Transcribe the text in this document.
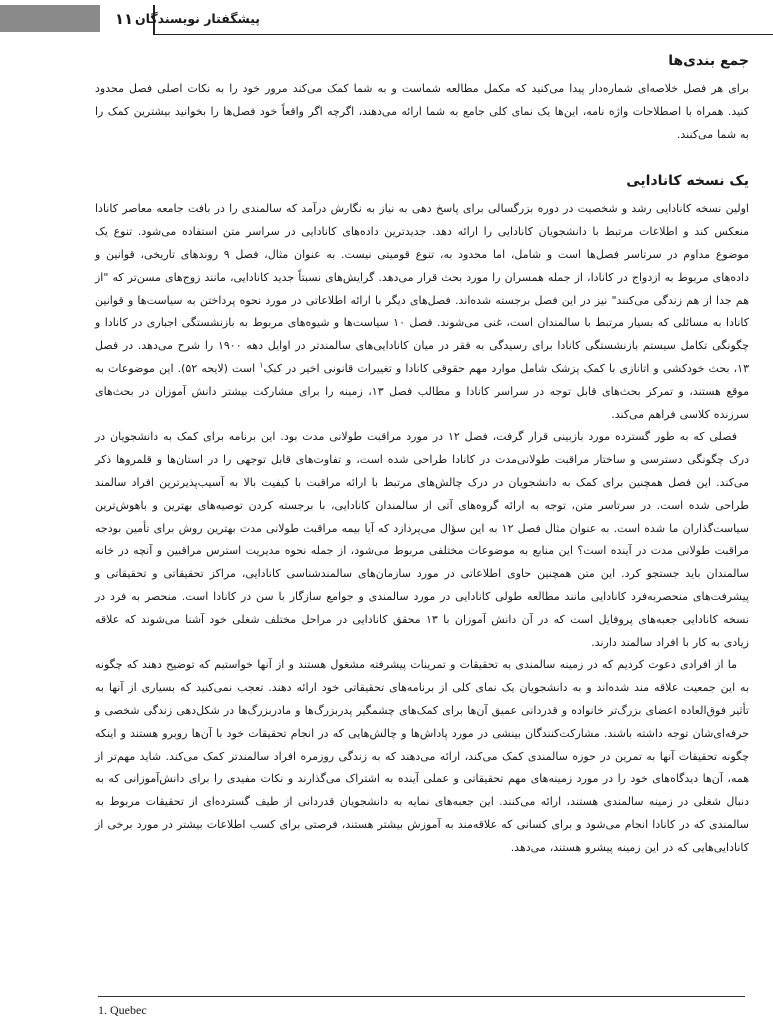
۱۱ پیشگفتار نویسندگان
جمع بندی‌ها

برای هر فصل خلاصه‌ای شماره‌دار پیدا می‌کنید که مکمل مطالعه شماست و به شما کمک می‌کند مرور خود را به نکات اصلی فصل محدود کنید. همراه با اصطلاحات واژه نامه، این‌ها یک نمای کلی جامع به شما ارائه می‌دهند، اگرچه اگر واقعاً خود فصل‌ها را بخوانید بیشترین کمک را به شما می‌کنند.

یک نسخه کانادایی

اولین نسخه کانادایی رشد و شخصیت در دوره بزرگسالی برای پاسخ دهی به نیاز به نگارش درآمد که سالمندی را در بافت جامعه معاصر کانادا منعکس کند و اطلاعات مرتبط با دانشجویان کانادایی را ارائه دهد. جدیدترین داده‌های کانادایی در سراسر متن استفاده می‌شود. تنوع یک موضوع مداوم در سرتاسر فصل‌ها است و شامل، اما محدود به، تنوع قومیتی نیست. به عنوان مثال، فصل ۹ روندهای تاریخی، قوانین و داده‌های مربوط به ازدواج در کانادا، از جمله همسران را مورد بحث قرار می‌دهد. گرایش‌های نسبتاً جدید کانادایی، مانند زوج‌های مسن‌تر که "از هم جدا از هم زندگی می‌کنند" نیز در این فصل برجسته شده‌اند. فصل‌های دیگر با ارائه اطلاعاتی در مورد نحوه پرداختن به سیاست‌ها و قوانین کانادا به مسائلی که بسیار مرتبط با سالمندان است، غنی می‌شوند. فصل ۱۰ سیاست‌ها و شیوه‌های مربوط به بازنشستگی اجباری در کانادا و چگونگی تکامل سیستم بازنشستگی کانادا برای رسیدگی به فقر در میان کانادایی‌های سالمندتر در اوایل دهه ۱۹۰۰ را شرح می‌دهد. در فصل ۱۳، بحث خودکشی و اتانازی با کمک پزشک شامل موارد مهم حقوقی کانادا و تغییرات قانونی اخیر در کبک$^۱$ است (لایحه ۵۲). این موضوعات به موقع هستند، و تمرکز بحث‌های قابل توجه در سراسر کانادا و مطالب فصل ۱۳، زمینه را برای مشارکت بیشتر دانش آموزان در بحث‌های سرزنده کلاسی فراهم می‌کند.

فصلی که به طور گسترده مورد بازبینی قرار گرفت، فصل ۱۲ در مورد مراقبت طولانی مدت بود. این برنامه برای کمک به دانشجویان در درک چگونگی دسترسی و ساختار مراقبت طولانی‌مدت در کانادا طراحی شده است، و تفاوت‌های قابل توجهی را در استان‌ها و قلمروها ذکر می‌کند. این فصل همچنین برای کمک به دانشجویان در درک چالش‌های مرتبط با ارائه مراقبت با کیفیت بالا به آسیب‌پذیرترین افراد سالمند طراحی شده است. در سرتاسر متن، توجه به ارائه گروه‌های آتی از سالمندان کانادایی، با برجسته کردن توصیه‌های بهترین و باهوش‌ترین سیاست‌گذاران ما شده است. به عنوان مثال فصل ۱۲ به این سؤال می‌پردازد که آیا بیمه مراقبت طولانی مدت بهترین روش برای تأمین بودجه مراقبت طولانی مدت در آینده است؟ این منابع به موضوعات مختلفی مربوط می‌شود، از جمله نحوه مدیریت استرس مراقبین و آنچه در خانه سالمندان باید جستجو کرد. این متن همچنین حاوی اطلاعاتی در مورد سازمان‌های سالمندشناسی کانادایی، مراکز تحقیقاتی و تحقیقاتی و پیشرفت‌های منحصربه‌فرد کانادایی مانند مطالعه طولی کانادایی در مورد سالمندی و جوامع سازگار با سن در کانادا است. منحصر به فرد در نسخه کانادایی جعبه‌های پروفایل است که در آن دانش آموزان با ۱۳ محقق کانادایی در مراحل مختلف شغلی خود آشنا می‌شوند که علاقه زیادی به کار با افراد سالمند دارند.

ما از افرادی دعوت کردیم که در زمینه سالمندی به تحقیقات و تمرینات پیشرفته مشغول هستند و از آنها خواستیم که توضیح دهند که چگونه به این جمعیت علاقه مند شده‌اند و به دانشجویان یک نمای کلی از برنامه‌های تحقیقاتی خود ارائه دهند. تعجب نمی‌کنید که بسیاری از آنها به تأثیر فوق‌العاده اعضای بزرگ‌تر خانواده و قدردانی عمیق آن‌ها برای کمک‌های چشمگیر پدربزرگ‌ها و مادربزرگ‌ها در شکل‌دهی زندگی شخصی و حرفه‌ای‌شان توجه داشته باشند. مشارکت‌کنندگان بینشی در مورد پاداش‌ها و چالش‌هایی که در انجام تحقیقات خود با آن‌ها روبرو هستند و اینکه چگونه تحقیقات آنها به تمرین در حوزه سالمندی کمک می‌کند، ارائه می‌دهند که به زندگی روزمره افراد سالمندتر کمک می‌کند. شاید مهم‌تر از همه، آن‌ها دیدگاه‌های خود را در مورد زمینه‌های مهم تحقیقاتی و عملی آینده به اشتراک می‌گذارند و نکات مفیدی را برای دانش‌آموزانی که به دنبال شغلی در زمینه سالمندی هستند، ارائه می‌کنند. این جعبه‌های نمایه به دانشجویان قدردانی از طیف گسترده‌ای از تحقیقات مربوط به سالمندی که در کانادا انجام می‌شود و برای کسانی که علاقه‌مند به آموزش بیشتر هستند، فرصتی برای کسب اطلاعات بیشتر در مورد برخی از کانادایی‌هایی که در این زمینه پیشرو هستند، می‌دهد.

1. Quebec
